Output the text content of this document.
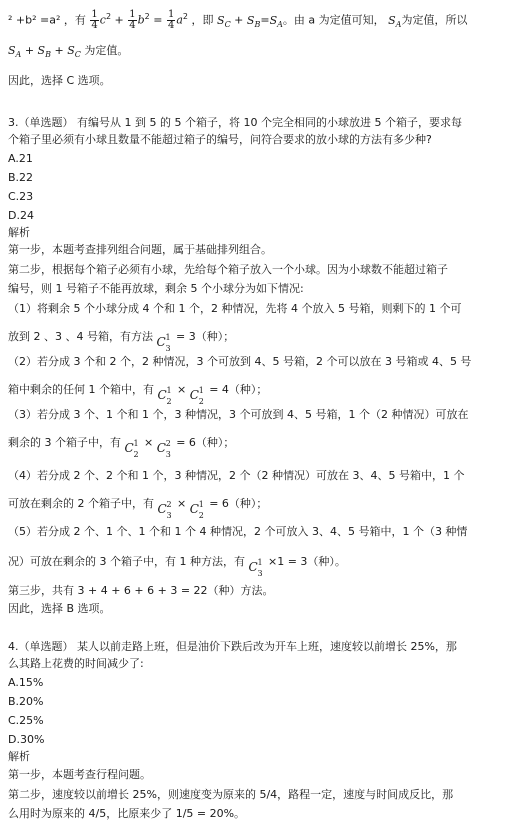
² +b² =a² ，有 $\frac{1}{4} c^2 + \frac{1}{4} b^2 = \frac{1}{4} a^2$ ，即 $S_C + S_B=S_A$。由 a 为定值可知， $S_A$为定值，所以
$S_A + S_B + S_C$ 为定值。
因此，选择 C 选项。
3.（单选题） 有编号从 1 到 5 的 5 个箱子，将 10 个完全相同的小球放进 5 个箱子，要求每
个箱子里必须有小球且数量不能超过箱子的编号，问符合要求的放小球的方法有多少种?
A.21
B.22
C.23
D.24
解析
第一步，本题考查排列组合问题，属于基础排列组合。
第二步，根据每个箱子必须有小球，先给每个箱子放入一个小球。因为小球数不能超过箱子
编号，则 1 号箱子不能再放球，剩余 5 个小球分为如下情况:
（1）将剩余 5 个小球分成 4 个和 1 个，2 种情况，先将 4 个放入 5 号箱，则剩下的 1 个可
放到 2 、3 、4 号箱，有方法 C 1
3
= 3（种）；
（2）若分成 3 个和 2 个，2 种情况，3 个可放到 4、5 号箱，2 个可以放在 3 号箱或 4、5 号
箱中剩余的任何 1 个箱中，有 C 1
2
× C 1
2
= 4（种）；
（3）若分成 3 个、1 个和 1 个，3 种情况，3 个可放到 4、5 号箱，1 个（2 种情况）可放在
剩余的 3 个箱子中，有 C 1
2
× C 2
3
= 6（种）；
（4）若分成 2 个、2 个和 1 个，3 种情况，2 个（2 种情况）可放在 3、4、5 号箱中，1 个
可放在剩余的 2 个箱子中，有 C 2
3
× C 1
2
= 6（种）；
（5）若分成 2 个、1 个、1 个和 1 个 4 种情况，2 个可放入 3、4、5 号箱中，1 个（3 种情
况）可放在剩余的 3 个箱子中，有 1 种方法，有 C 1
3
×1 = 3（种）。
第三步，共有 3 + 4 + 6 + 6 + 3 = 22（种）方法。
因此，选择 B 选项。
4.（单选题） 某人以前走路上班，但是油价下跌后改为开车上班，速度较以前增长 25%，那
么其路上花费的时间减少了:
A.15%
B.20%
C.25%
D.30%
解析
第一步，本题考查行程问题。
第二步，速度较以前增长 25%，则速度变为原来的 5/4，路程一定，速度与时间成反比，那
么用时为原来的 4/5，比原来少了 1/5 = 20%。
